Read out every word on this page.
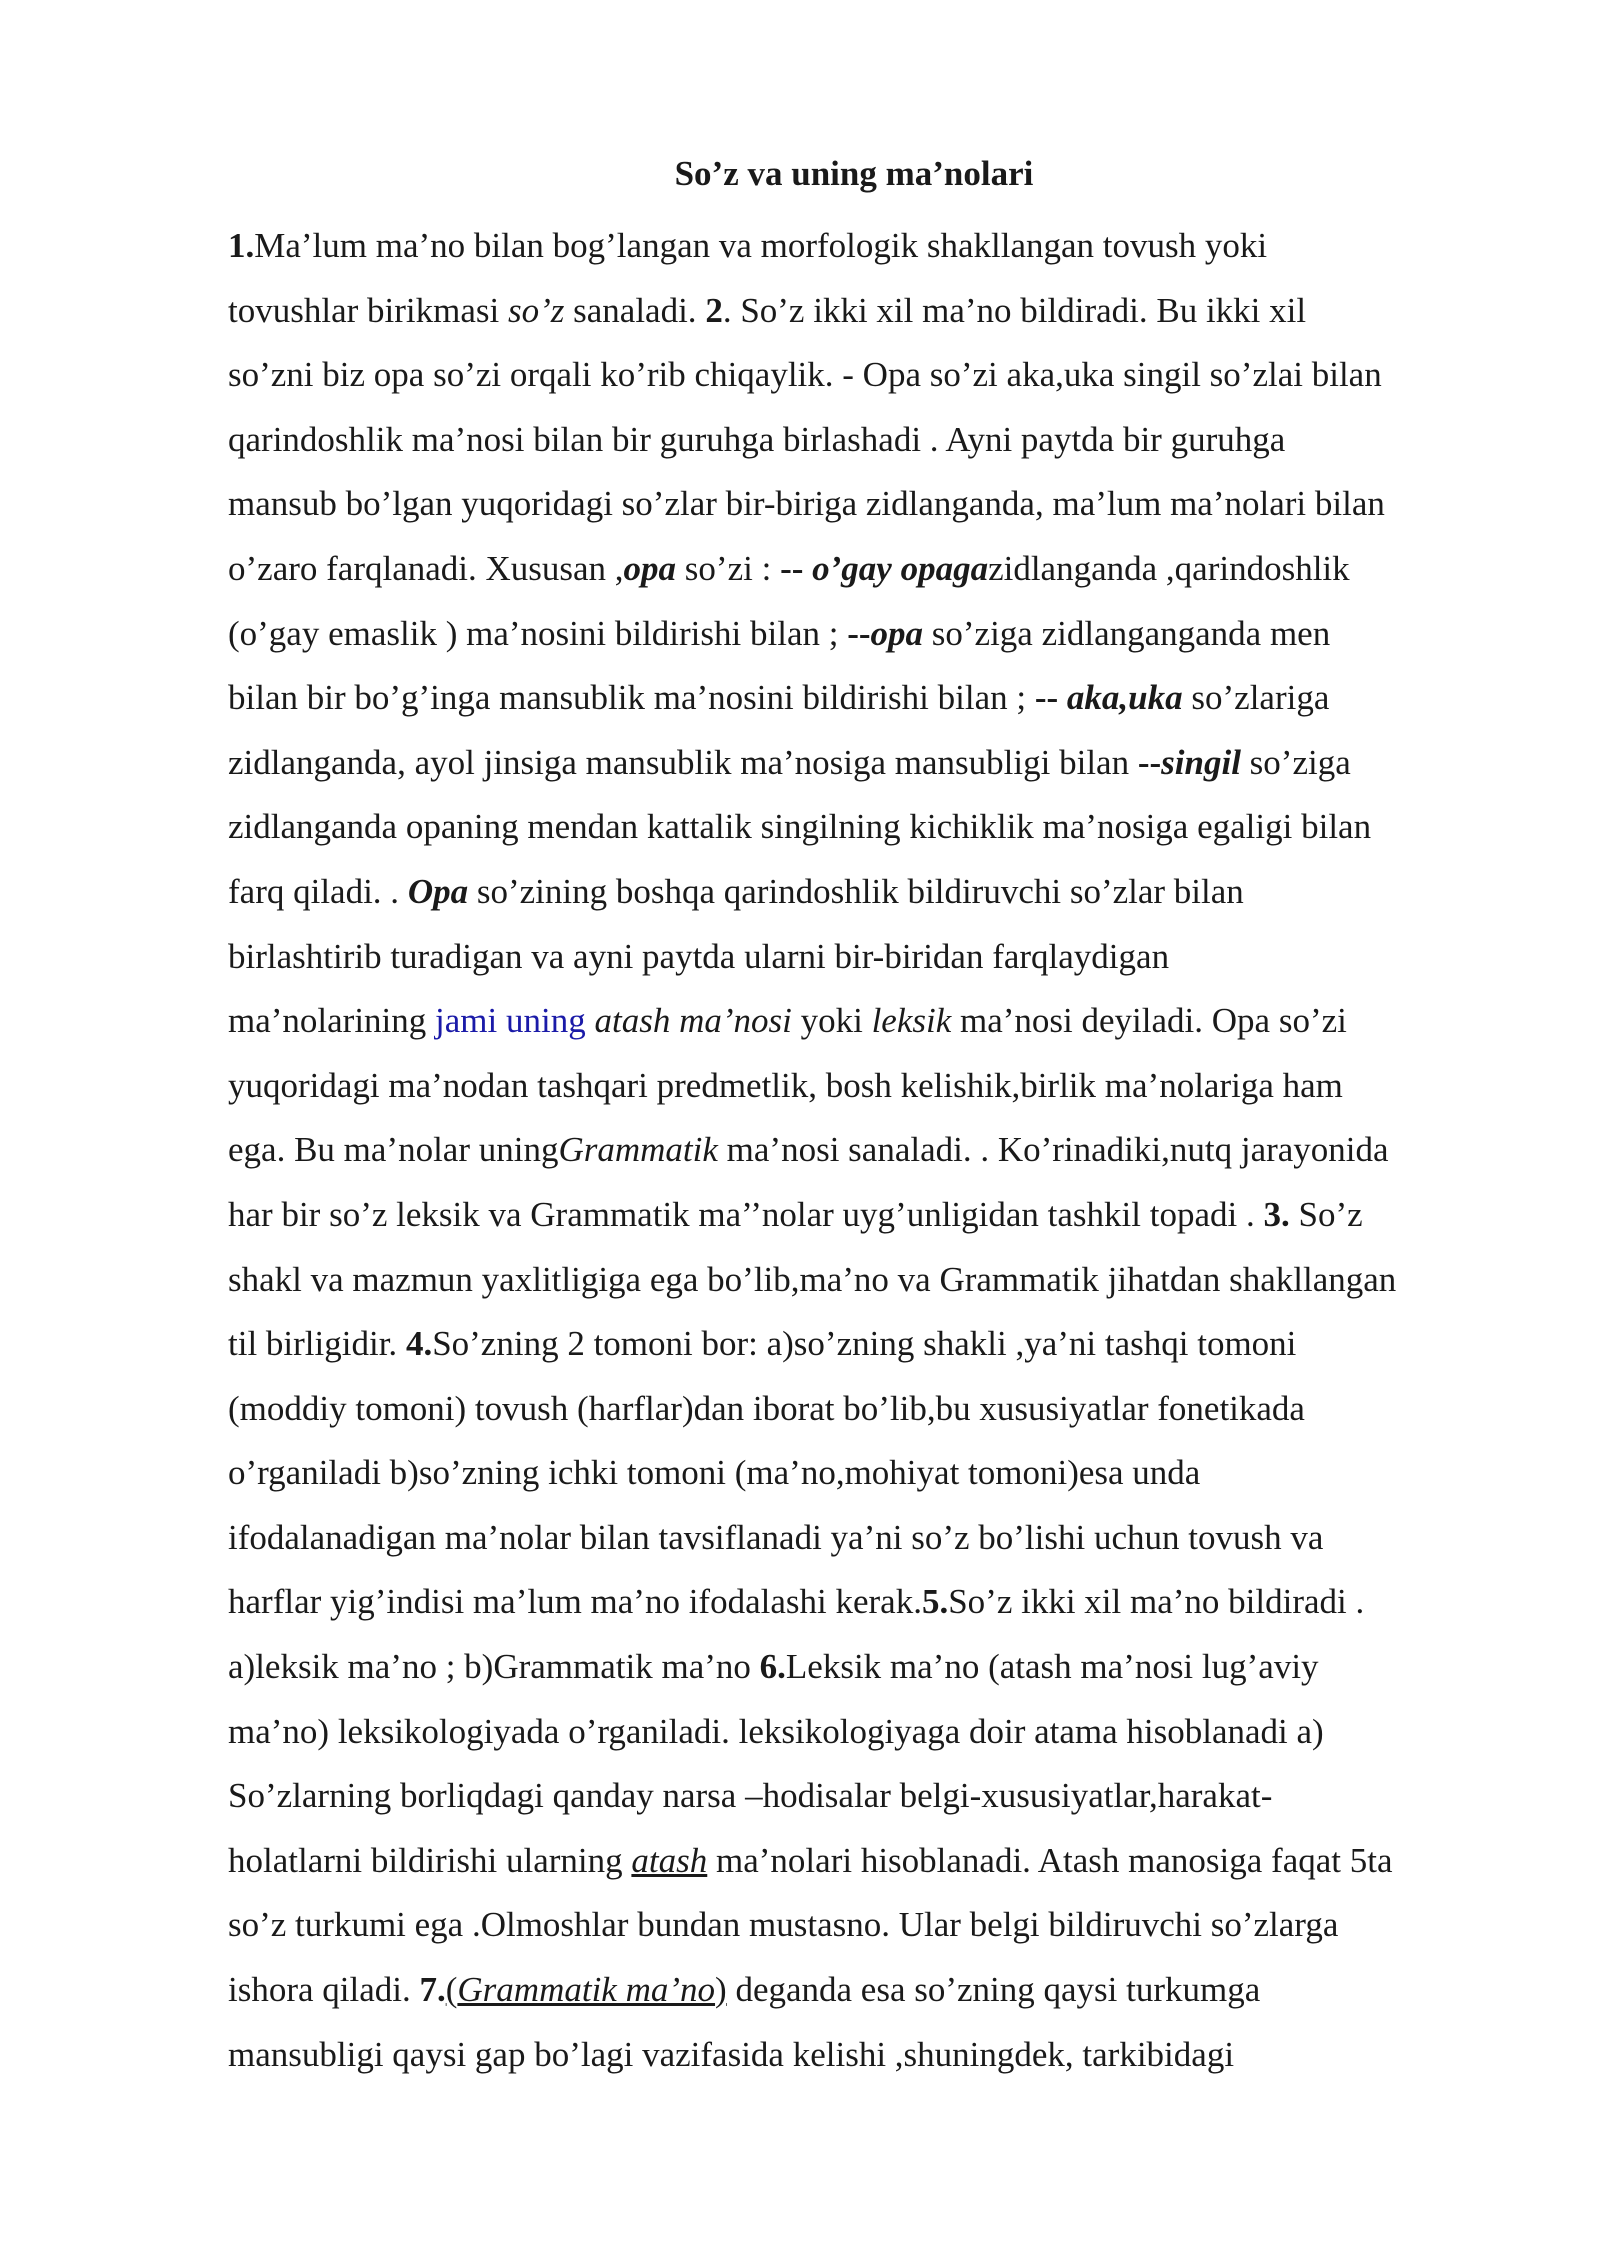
So’z va uning ma’nolari
1.Ma’lum ma’no bilan bog’langan va morfologik shakllangan tovush yoki
tovushlar birikmasi so’z sanaladi. 2. So’z ikki xil ma’no bildiradi. Bu ikki xil
so’zni biz opa so’zi orqali ko’rib chiqaylik. - Opa so’zi aka,uka singil so’zlai bilan
qarindoshlik ma’nosi bilan bir guruhga birlashadi . Ayni paytda bir guruhga
mansub bo’lgan yuqoridagi so’zlar bir-biriga zidlanganda, ma’lum ma’nolari bilan
o’zaro farqlanadi. Xususan ,opa so’zi : -- o’gay opagazidlanganda ,qarindoshlik
(o’gay emaslik ) ma’nosini bildirishi bilan ; --opa so’ziga zidlanganganda men
bilan bir bo’g’inga mansublik ma’nosini bildirishi bilan ; -- aka,uka so’zlariga
zidlanganda, ayol jinsiga mansublik ma’nosiga mansubligi bilan --singil so’ziga
zidlanganda opaning mendan kattalik singilning kichiklik ma’nosiga egaligi bilan
farq qiladi. . Opa so’zining boshqa qarindoshlik bildiruvchi so’zlar bilan
birlashtirib turadigan va ayni paytda ularni bir-biridan farqlaydigan
ma’nolarining jami uning atash ma’nosi yoki leksik ma’nosi deyiladi. Opa so’zi
yuqoridagi ma’nodan tashqari predmetlik, bosh kelishik,birlik ma’nolariga ham
ega. Bu ma’nolar uningGrammatik ma’nosi sanaladi. . Ko’rinadiki,nutq jarayonida
har bir so’z leksik va Grammatik ma’’nolar uyg’unligidan tashkil topadi . 3. So’z
shakl va mazmun yaxlitligiga ega bo’lib,ma’no va Grammatik jihatdan shakllangan
til birligidir. 4.So’zning 2 tomoni bor: a)so’zning shakli ,ya’ni tashqi tomoni
(moddiy tomoni) tovush (harflar)dan iborat bo’lib,bu xususiyatlar fonetikada
o’rganiladi b)so’zning ichki tomoni (ma’no,mohiyat tomoni)esa unda
ifodalanadigan ma’nolar bilan tavsiflanadi ya’ni so’z bo’lishi uchun tovush va
harflar yig’indisi ma’lum ma’no ifodalashi kerak.5.So’z ikki xil ma’no bildiradi .
a)leksik ma’no ; b)Grammatik ma’no 6.Leksik ma’no (atash ma’nosi lug’aviy
ma’no) leksikologiyada o’rganiladi. leksikologiyaga doir atama hisoblanadi a)
So’zlarning borliqdagi qanday narsa –hodisalar belgi-xususiyatlar,harakat-
holatlarni bildirishi ularning atash ma’nolari hisoblanadi. Atash manosiga faqat 5ta
so’z turkumi ega .Olmoshlar bundan mustasno. Ular belgi bildiruvchi so’zlarga
ishora qiladi. 7.(Grammatik ma’no) deganda esa so’zning qaysi turkumga
mansubligi qaysi gap bo’lagi vazifasida kelishi ,shuningdek, tarkibidagi
